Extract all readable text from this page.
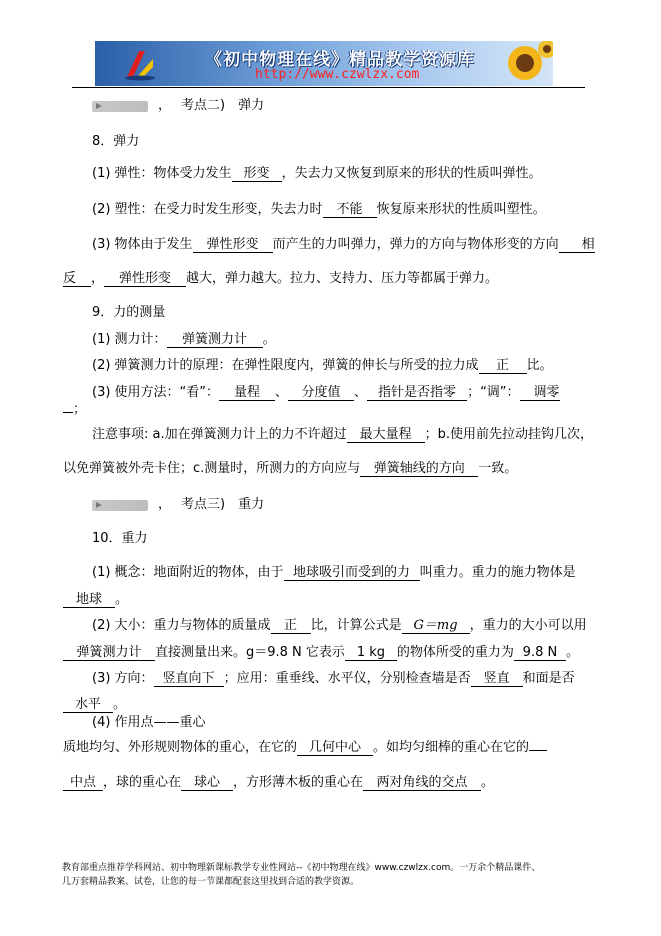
《初中物理在线》精品教学资源库
http://www.czwlzx.com
， 考点二)　弹力
8．弹力
(1) 弹性：物体受力发生 形变 ，失去力又恢复到原来的形状的性质叫弹性。
(2) 塑性：在受力时发生形变，失去力时 不能 恢复原来形状的性质叫塑性。
(3) 物体由于发生 弹性形变 而产生的力叫弹力，弹力的方向与物体形变的方向 相
反 ， 弹性形变 越大，弹力越大。拉力、支持力、压力等都属于弹力。
9．力的测量
(1) 测力计： 弹簧测力计 。
(2) 弹簧测力计的原理：在弹性限度内，弹簧的伸长与所受的拉力成 正 比。
(3) 使用方法：“看”： 量程 、 分度值 、 指针是否指零 ；“调”： 调零
；
注意事项: a.加在弹簧测力计上的力不许超过 最大量程 ；b.使用前先拉动挂钩几次，
以免弹簧被外壳卡住；c.测量时，所测力的方向应与 弹簧轴线的方向 一致。
， 考点三)　重力
10．重力
(1) 概念：地面附近的物体，由于 地球吸引而受到的力 叫重力。重力的施力物体是
地球 。
(2) 大小：重力与物体的质量成 正 比，计算公式是 G＝mg ，重力的大小可以用
弹簧测力计 直接测量出来。g＝9.8 N 它表示 1 kg 的物体所受的重力为 9.8 N 。
(3) 方向： 竖直向下 ；应用：重垂线、水平仪，分别检查墙是否 竖直 和面是否
水平 。
(4) 作用点——重心
质地均匀、外形规则物体的重心，在它的 几何中心 。如均匀细棒的重心在它的
中点 ，球的重心在 球心 ，方形薄木板的重心在 两对角线的交点 。
教育部重点推荐学科网站、初中物理新课标教学专业性网站--《初中物理在线》www.czwlzx.com。一万余个精品课件、
几万套精品教案、试卷，让您的每一节课都配套这里找到合适的教学资源。
